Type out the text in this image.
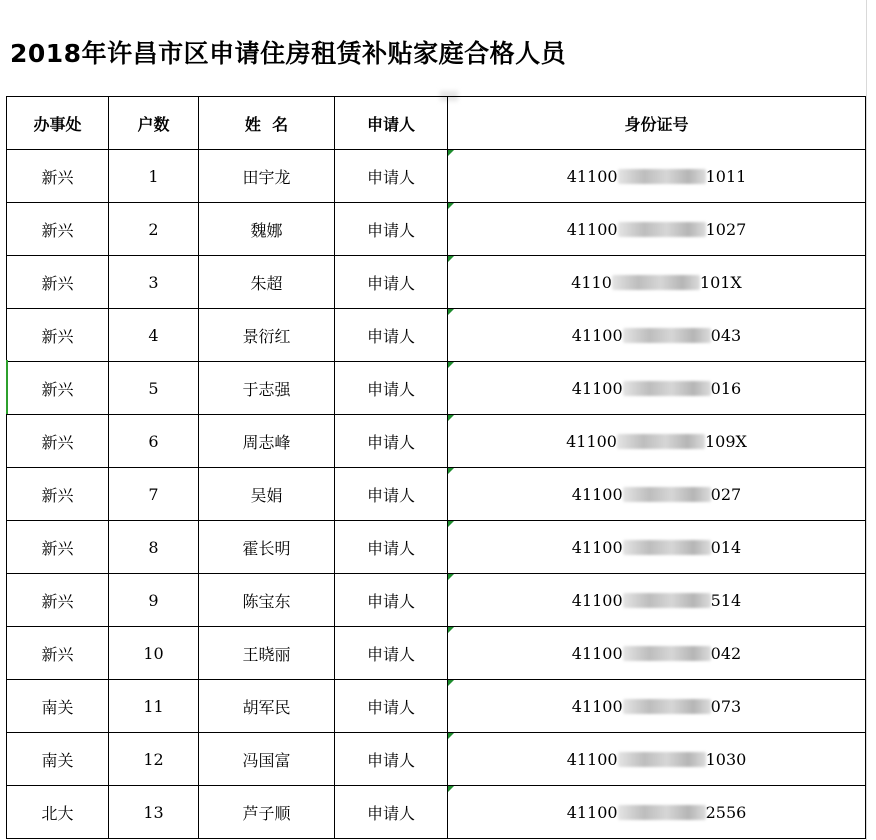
2018年许昌市区申请住房租赁补贴家庭合格人员
办事处	户数	姓  名	申请人	身份证号
新兴	1	田宇龙	申请人	41100 1011
新兴	2	魏娜	申请人	41100 1027
新兴	3	朱超	申请人	4110 101X
新兴	4	景衍红	申请人	41100 043
新兴	5	于志强	申请人	41100 016
新兴	6	周志峰	申请人	41100 109X
新兴	7	吴娟	申请人	41100 027
新兴	8	霍长明	申请人	41100 014
新兴	9	陈宝东	申请人	41100 514
新兴	10	王晓丽	申请人	41100 042
南关	11	胡军民	申请人	41100 073
南关	12	冯国富	申请人	41100 1030
北大	13	芦子顺	申请人	41100 2556
